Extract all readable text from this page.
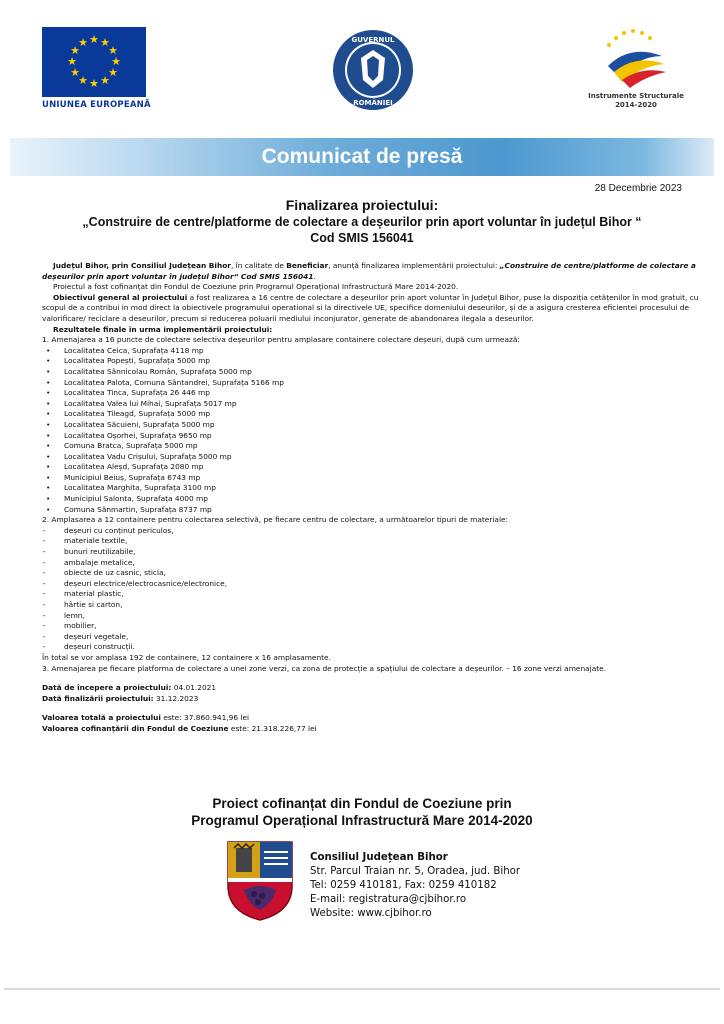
★ ★
★
★
★
★
★
★
★
★
★
★
UNIUNEA EUROPEANĂ
GUVERNUL
ROMÂNIEI
Instrumente Structurale
2014-2020
Comunicat de presă
28 Decembrie 2023
Finalizarea proiectului:
„Construire de centre/platforme de colectare a deșeurilor prin aport voluntar în județul Bihor “
Cod SMIS 156041

Județul Bihor, prin Consiliul Județean Bihor, în calitate de Beneficiar, anunță finalizarea implementării proiectului: „Construire de centre/platforme de colectare a deșeurilor prin aport voluntar în județul Bihor“ Cod SMIS 156041.

Proiectul a fost cofinanțat din Fondul de Coeziune prin Programul Operațional Infrastructură Mare 2014-2020.

Obiectivul general al proiectului a fost realizarea a 16 centre de colectare a deșeurilor prin aport voluntar în Județul Bihor, puse la dispoziția cetățenilor în mod gratuit, cu scopul de a contribui in mod direct la obiectivele programului operational si la directivele UE, specifice domeniului deseurilor, și de a asigura cresterea eficientei procesului de valorificare/ reciclare a deseurilor, precum si reducerea poluarii mediului inconjurator, generate de abandonarea ilegala a deseurilor.

Rezultatele finale în urma implementării proiectului:

1. Amenajarea a 16 puncte de colectare selectiva deșeurilor pentru amplasare containere colectare deșeuri, după cum urmează:

• Localitatea Ceica, Suprafața 4118 mp
• Localitatea Popești, Suprafața 5000 mp
• Localitatea Sânnicolau Român, Suprafața 5000 mp
• Localitatea Palota, Comuna Sântandrei, Suprafața 5166 mp
• Localitatea Tinca, Suprafața 26 446 mp
• Localitatea Valea lui Mihai, Suprafața 5017 mp
• Localitatea Tileagd, Suprafața 5000 mp
• Localitatea Săcuieni, Suprafața 5000 mp
• Localitatea Oșorhei, Suprafața 9650 mp
• Comuna Bratca, Suprafața 5000 mp
• Localitatea Vadu Crișului, Suprafața 5000 mp
• Localitatea Aleșd, Suprafața 2080 mp
• Municipiul Beiuș, Suprafața 6743 mp
• Localitatea Marghita, Suprafața 3100 mp
• Municipiul Salonta, Suprafața 4000 mp
• Comuna Sânmartin, Suprafața 8737 mp

2. Amplasarea a 12 containere pentru colectarea selectivă, pe fiecare centru de colectare, a următoarelor tipuri de materiale:

- deșeuri cu conținut periculos,
- materiale textile,
- bunuri reutilizabile,
- ambalaje metalice,
- obiecte de uz casnic, sticla,
- deșeuri electrice/electrocasnice/electronice,
- material plastic,
- hârtie si carton,
- lemn,
- mobilier,
- deșeuri vegetale,
- deșeuri construcții.

În total se vor amplasa 192 de containere, 12 containere x 16 amplasamente.

3. Amenajarea pe fiecare platforma de colectare a unei zone verzi, ca zona de protecție a spațiului de colectare a deșeurilor. – 16 zone verzi amenajate.

Dată de începere a proiectului: 04.01.2021

Dată finalizării proiectului: 31.12.2023

Valoarea totală a proiectului este: 37.860.941,96 lei

Valoarea cofinanțării din Fondul de Coeziune este: 21.318.226,77 lei

Proiect cofinanțat din Fondul de Coeziune prin
Programul Operațional Infrastructură Mare 2014-2020
Consiliul Județean Bihor
Str. Parcul Traian nr. 5, Oradea, jud. Bihor
Tel: 0259 410181, Fax: 0259 410182
E-mail: registratura@cjbihor.ro
Website: www.cjbihor.ro
